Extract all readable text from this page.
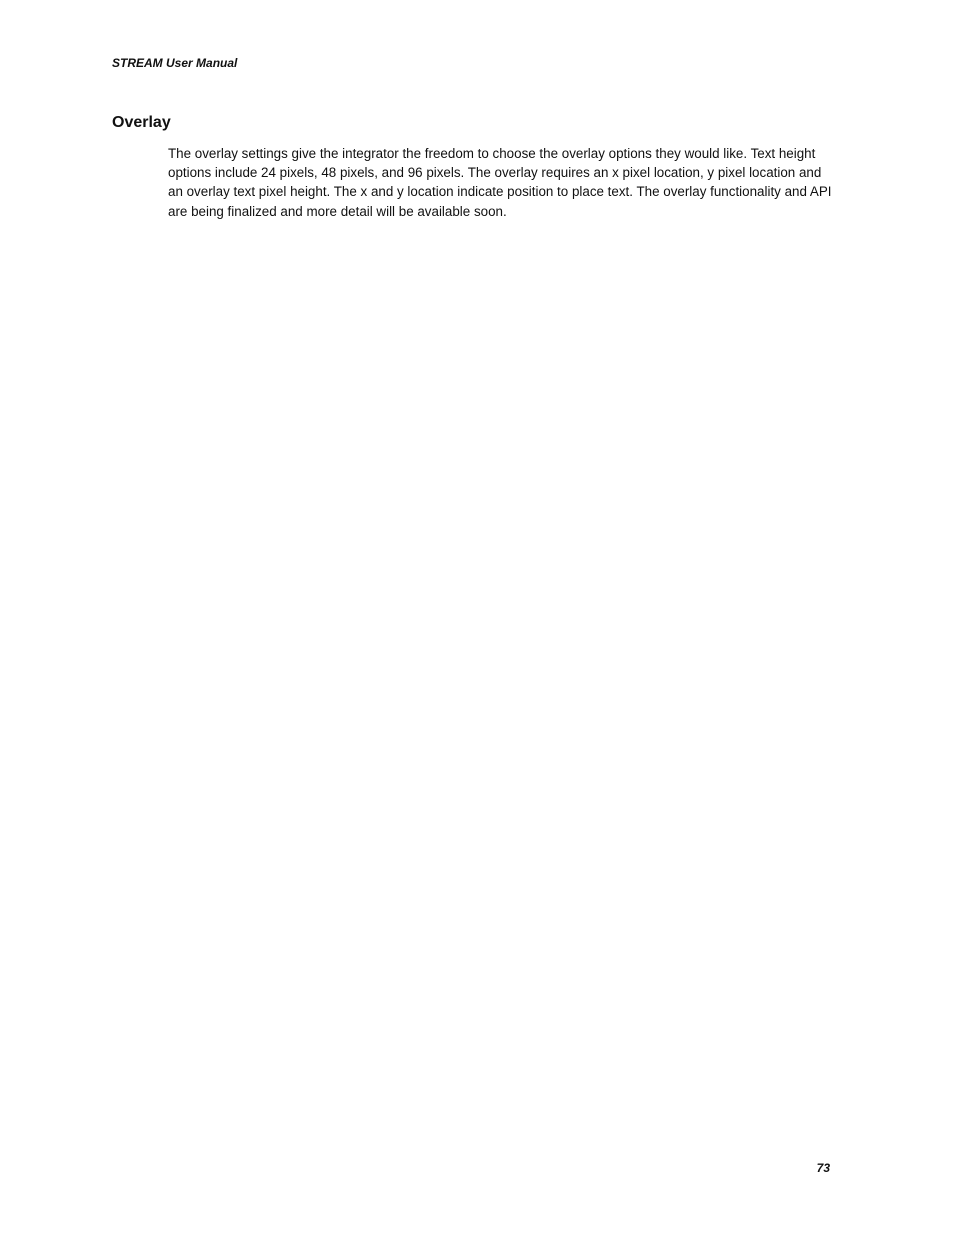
STREAM User Manual
Overlay

The overlay settings give the integrator the freedom to choose the overlay options they would like. Text height options include 24 pixels, 48 pixels, and 96 pixels. The overlay requires an x pixel location, y pixel location and an overlay text pixel height. The x and y location indicate position to place text. The overlay functionality and API are being finalized and more detail will be available soon.

73
